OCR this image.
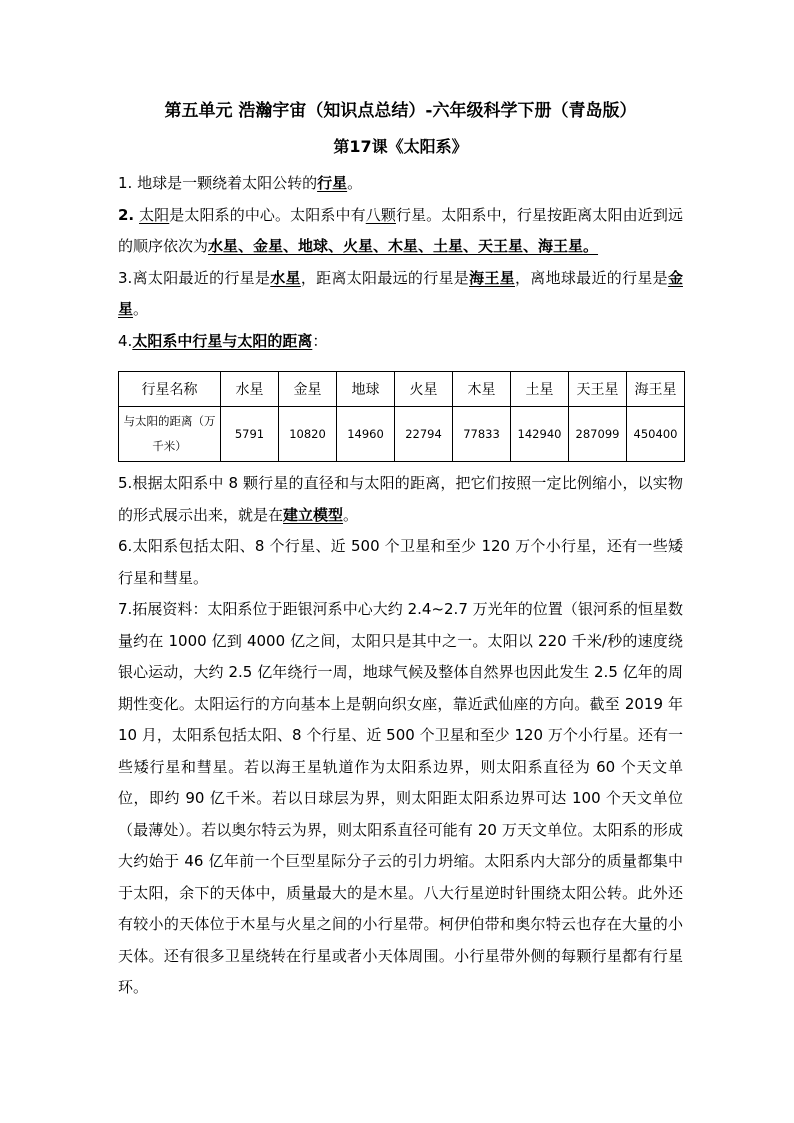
第五单元 浩瀚宇宙（知识点总结）-六年级科学下册（青岛版）

第17课《太阳系》

1. 地球是一颗绕着太阳公转的行星。

2. 太阳是太阳系的中心。太阳系中有八颗行星。太阳系中，行星按距离太阳由近到远的顺序依次为水星、金星、地球、火星、木星、土星、天王星、海王星。

3.离太阳最近的行星是水星，距离太阳最远的行星是海王星，离地球最近的行星是金星。

4.太阳系中行星与太阳的距离：

行星名称	水星	金星	地球	火星	木星	土星	天王星	海王星
与太阳的距离（万千米）	5791	10820	14960	22794	77833	142940	287099	450400

5.根据太阳系中 8 颗行星的直径和与太阳的距离，把它们按照一定比例缩小，以实物的形式展示出来，就是在建立模型。

6.太阳系包括太阳、8 个行星、近 500 个卫星和至少 120 万个小行星，还有一些矮行星和彗星。

7.拓展资料：太阳系位于距银河系中心大约 2.4~2.7 万光年的位置（银河系的恒星数量约在 1000 亿到 4000 亿之间，太阳只是其中之一。太阳以 220 千米/秒的速度绕银心运动，大约 2.5 亿年绕行一周，地球气候及整体自然界也因此发生 2.5 亿年的周期性变化。太阳运行的方向基本上是朝向织女座，靠近武仙座的方向。截至 2019 年 10 月，太阳系包括太阳、8 个行星、近 500 个卫星和至少 120 万个小行星。还有一些矮行星和彗星。若以海王星轨道作为太阳系边界，则太阳系直径为 60 个天文单位，即约 90 亿千米。若以日球层为界，则太阳距太阳系边界可达 100 个天文单位（最薄处）。若以奥尔特云为界，则太阳系直径可能有 20 万天文单位。太阳系的形成大约始于 46 亿年前一个巨型星际分子云的引力坍缩。太阳系内大部分的质量都集中于太阳，余下的天体中，质量最大的是木星。八大行星逆时针围绕太阳公转。此外还有较小的天体位于木星与火星之间的小行星带。柯伊伯带和奥尔特云也存在大量的小天体。还有很多卫星绕转在行星或者小天体周围。小行星带外侧的每颗行星都有行星环。
